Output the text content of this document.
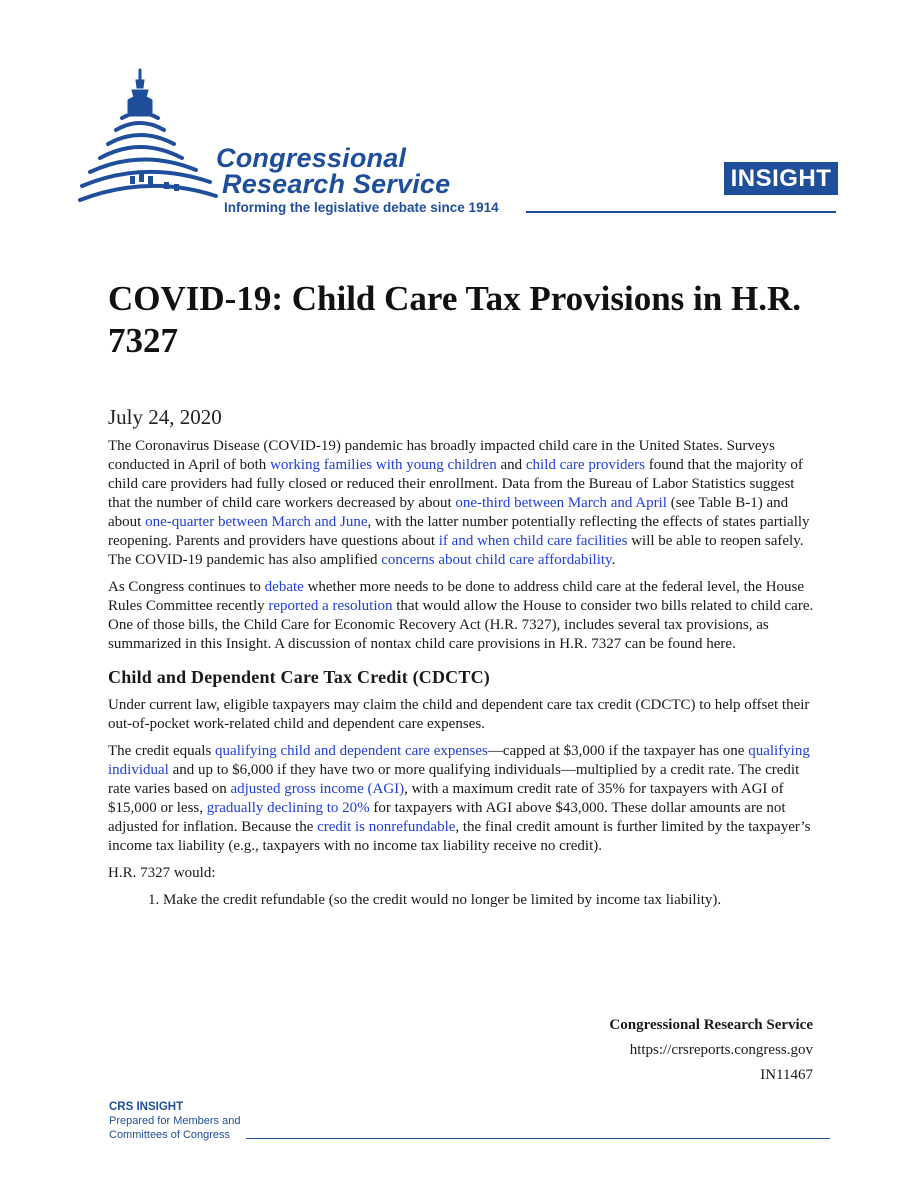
Congressional
Research Service
Informing the legislative debate since 1914
INSIGHT
COVID-19: Child Care Tax Provisions in H.R. 7327

July 24, 2020

The Coronavirus Disease (COVID-19) pandemic has broadly impacted child care in the United States. Surveys conducted in April of both working families with young children and child care providers found that the majority of child care providers had fully closed or reduced their enrollment. Data from the Bureau of Labor Statistics suggest that the number of child care workers decreased by about one-third between March and April (see Table B-1) and about one-quarter between March and June, with the latter number potentially reflecting the effects of states partially reopening. Parents and providers have questions about if and when child care facilities will be able to reopen safely. The COVID-19 pandemic has also amplified concerns about child care affordability.

As Congress continues to debate whether more needs to be done to address child care at the federal level, the House Rules Committee recently reported a resolution that would allow the House to consider two bills related to child care. One of those bills, the Child Care for Economic Recovery Act (H.R. 7327), includes several tax provisions, as summarized in this Insight. A discussion of nontax child care provisions in H.R. 7327 can be found here.

Child and Dependent Care Tax Credit (CDCTC)

Under current law, eligible taxpayers may claim the child and dependent care tax credit (CDCTC) to help offset their out-of-pocket work-related child and dependent care expenses.

The credit equals qualifying child and dependent care expenses—capped at $3,000 if the taxpayer has one qualifying individual and up to $6,000 if they have two or more qualifying individuals—multiplied by a credit rate. The credit rate varies based on adjusted gross income (AGI), with a maximum credit rate of 35% for taxpayers with AGI of $15,000 or less, gradually declining to 20% for taxpayers with AGI above $43,000. These dollar amounts are not adjusted for inflation. Because the credit is nonrefundable, the final credit amount is further limited by the taxpayer’s income tax liability (e.g., taxpayers with no income tax liability receive no credit).

H.R. 7327 would:

1. Make the credit refundable (so the credit would no longer be limited by income tax liability).
Congressional Research Service
https://crsreports.congress.gov
IN11467
CRS INSIGHT
Prepared for Members and
Committees of Congress
